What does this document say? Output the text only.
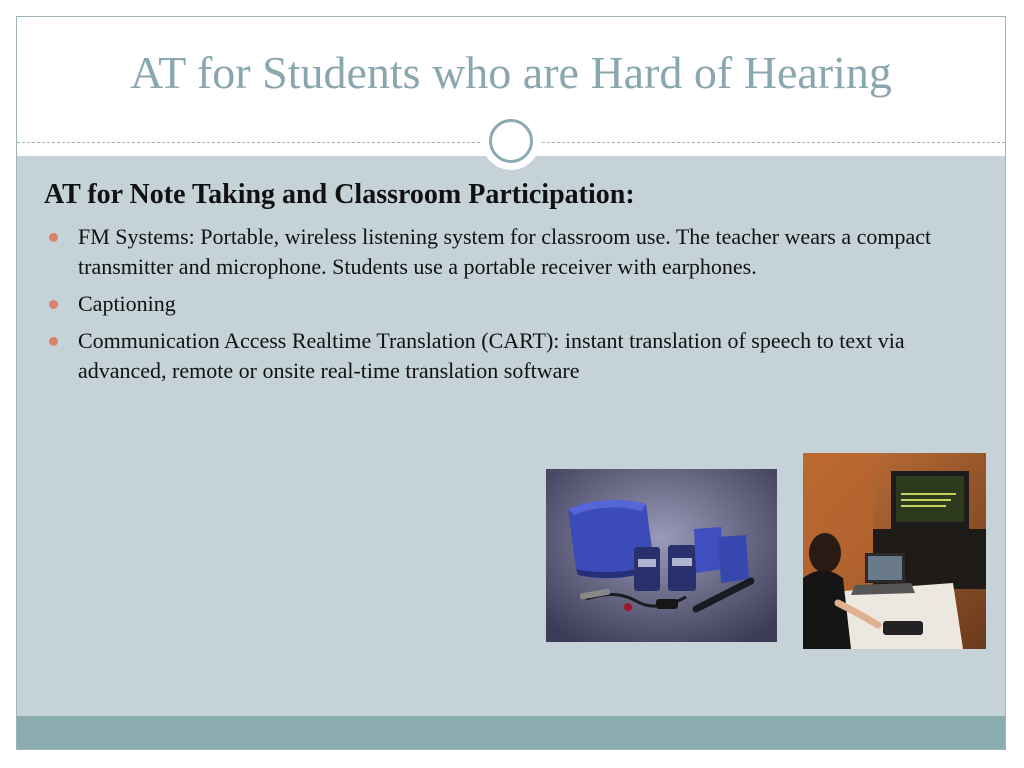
AT for Students who are Hard of Hearing
AT for Note Taking and Classroom Participation:
FM Systems: Portable, wireless listening system for classroom use. The teacher wears a compact transmitter and microphone. Students use a portable receiver with earphones.
Captioning
Communication Access Realtime Translation (CART): instant translation of speech to text via advanced, remote or onsite real-time translation software
